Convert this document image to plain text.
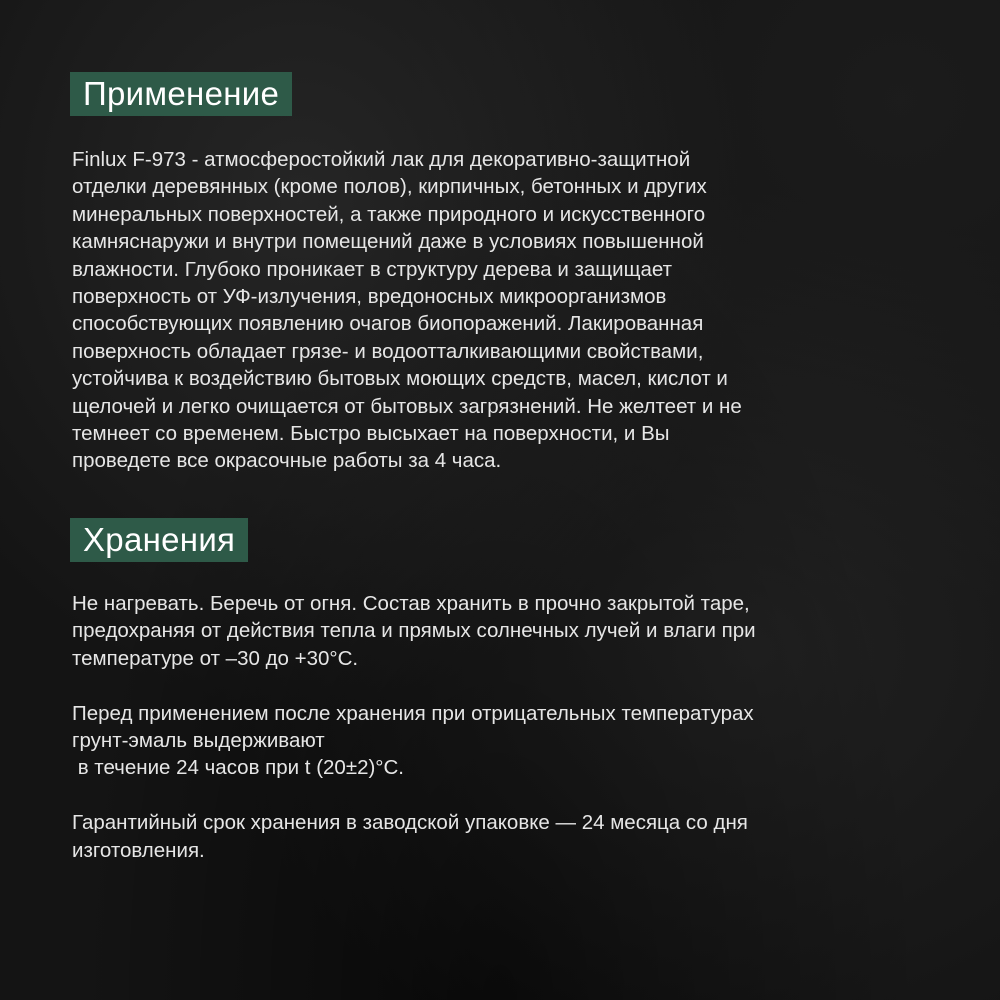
Применение
Finlux F-973 - атмосферостойкий лак для декоративно-защитной
отделки деревянных (кроме полов), кирпичных, бетонных и других
минеральных поверхностей, а также природного и искусственного
камняснаружи и внутри помещений даже в условиях повышенной
влажности. Глубоко проникает в структуру дерева и защищает
поверхность от УФ-излучения, вредоносных микроорганизмов
способствующих появлению очагов биопоражений. Лакированная
поверхность обладает грязе- и водоотталкивающими свойствами,
устойчива к воздействию бытовых моющих средств, масел, кислот и
щелочей и легко очищается от бытовых загрязнений. Не желтеет и не
темнеет со временем. Быстро высыхает на поверхности, и Вы
проведете все окрасочные работы за 4 часа.
Хранения
Не нагревать. Беречь от огня. Состав хранить в прочно закрытой таре,
предохраняя от действия тепла и прямых солнечных лучей и влаги при
температуре от –30 до +30°С.
Перед применением после хранения при отрицательных температурах
грунт-эмаль выдерживают
в течение 24 часов при t (20±2)°С.
Гарантийный срок хранения в заводской упаковке — 24 месяца со дня
изготовления.
